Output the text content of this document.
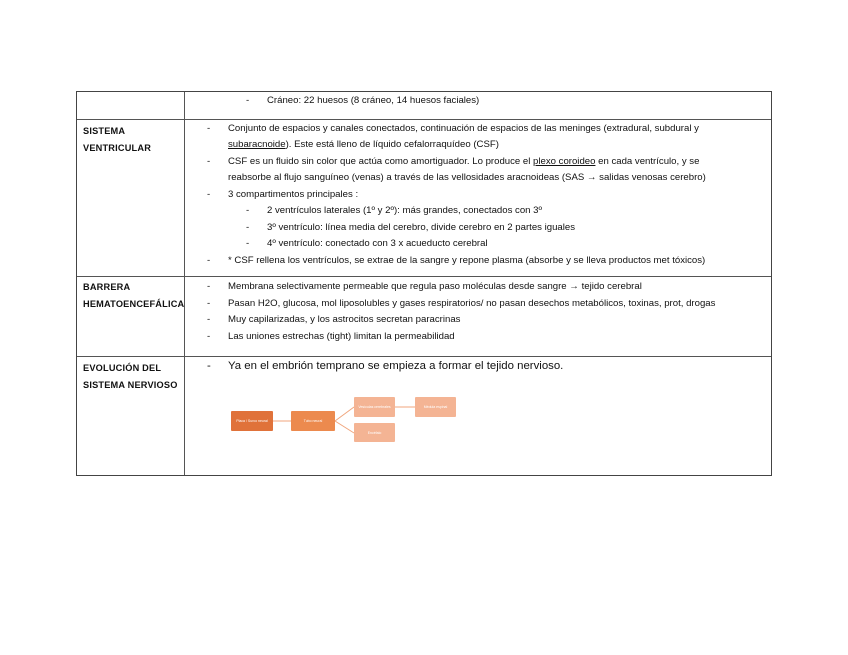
- Cráneo: 22 huesos (8 cráneo, 14 huesos faciales)
SISTEMA
VENTRICULAR
- Conjunto de espacios y canales conectados, continuación de espacios de las meninges (extradural, subdural y
subaracnoide). Este está lleno de líquido cefalorraquídeo (CSF)
- CSF es un fluido sin color que actúa como amortiguador. Lo produce el plexo coroideo en cada ventrículo, y se
reabsorbe al flujo sanguíneo (venas) a través de las vellosidades aracnoideas (SAS → salidas venosas cerebro)
- 3 compartimentos principales :
- 2 ventrículos laterales (1º y 2º): más grandes, conectados con 3º
- 3º ventrículo: línea media del cerebro, divide cerebro en 2 partes iguales
- 4º ventrículo: conectado con 3 x acueducto cerebral
- * CSF rellena los ventrículos, se extrae de la sangre y repone plasma (absorbe y se lleva productos met tóxicos)
BARRERA
HEMATOENCEFÁLICA
- Membrana selectivamente permeable que regula paso moléculas desde sangre → tejido cerebral
- Pasan H2O, glucosa, mol liposolubles y gases respiratorios/ no pasan desechos metabólicos, toxinas, prot, drogas
- Muy capilarizadas, y los astrocitos secretan paracrinas
- Las uniones estrechas (tight) limitan la permeabilidad
EVOLUCIÓN DEL
SISTEMA NERVIOSO
- Ya en el embrión temprano se empieza a formar el tejido nervioso.
Placa / Surco neural	Tubo neural
Vesículas cerebrales	Médula espinal
Encéfalo
